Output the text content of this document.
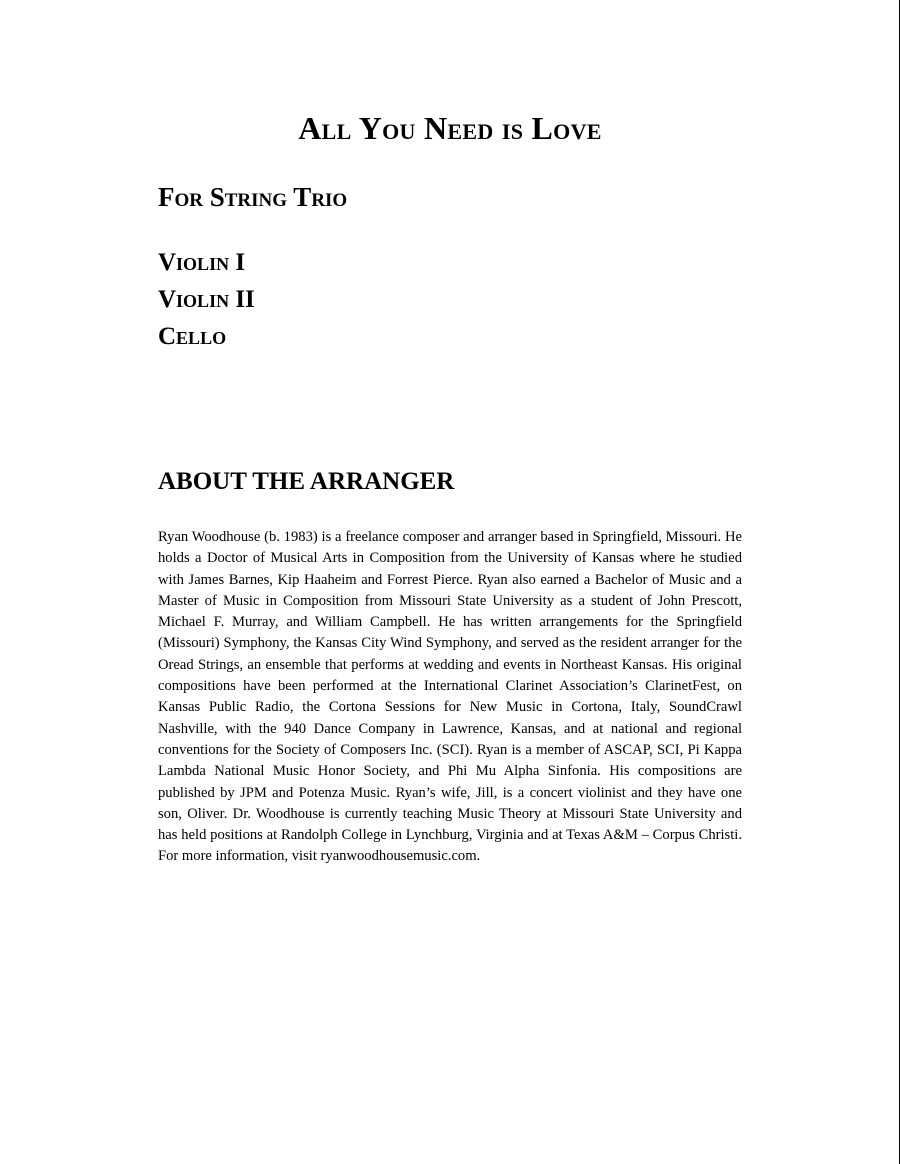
All You Need is Love
For String Trio
Violin I
Violin II
Cello
ABOUT THE ARRANGER

Ryan Woodhouse (b. 1983) is a freelance composer and arranger based in Springfield, Missouri. He holds a Doctor of Musical Arts in Composition from the University of Kansas where he studied with James Barnes, Kip Haaheim and Forrest Pierce. Ryan also earned a Bachelor of Music and a Master of Music in Composition from Missouri State University as a student of John Prescott, Michael F. Murray, and William Campbell. He has written arrangements for the Springfield (Missouri) Symphony, the Kansas City Wind Symphony, and served as the resident arranger for the Oread Strings, an ensemble that performs at wedding and events in Northeast Kansas. His original compositions have been performed at the International Clarinet Association’s ClarinetFest, on Kansas Public Radio, the Cortona Sessions for New Music in Cortona, Italy, SoundCrawl Nashville, with the 940 Dance Company in Lawrence, Kansas, and at national and regional conventions for the Society of Composers Inc. (SCI). Ryan is a member of ASCAP, SCI, Pi Kappa Lambda National Music Honor Society, and Phi Mu Alpha Sinfonia. His compositions are published by JPM and Potenza Music. Ryan’s wife, Jill, is a concert violinist and they have one son, Oliver. Dr. Woodhouse is currently teaching Music Theory at Missouri State University and has held positions at Randolph College in Lynchburg, Virginia and at Texas A&M – Corpus Christi. For more information, visit ryanwoodhousemusic.com.
